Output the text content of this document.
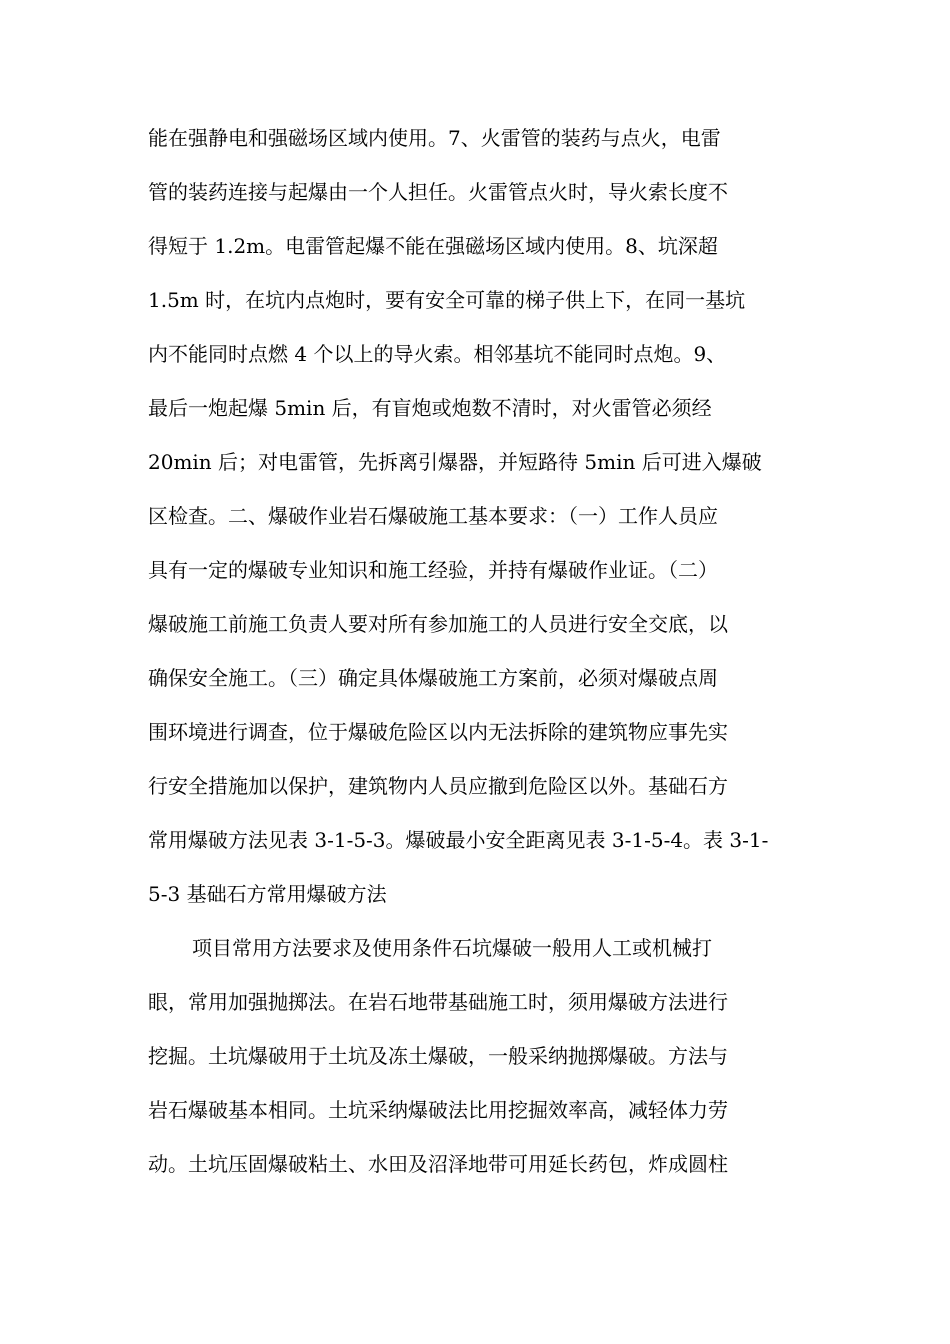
能在强静电和强磁场区域内使用。7、火雷管的装药与点火，电雷
管的装药连接与起爆由一个人担任。火雷管点火时，导火索长度不
得短于 1.2m。电雷管起爆不能在强磁场区域内使用。8、坑深超
1.5m 时，在坑内点炮时，要有安全可靠的梯子供上下，在同一基坑
内不能同时点燃 4 个以上的导火索。相邻基坑不能同时点炮。9、
最后一炮起爆 5min 后，有盲炮或炮数不清时，对火雷管必须经
20min 后；对电雷管，先拆离引爆器，并短路待 5min 后可进入爆破
区检查。二、爆破作业岩石爆破施工基本要求：（一）工作人员应
具有一定的爆破专业知识和施工经验，并持有爆破作业证。（二）
爆破施工前施工负责人要对所有参加施工的人员进行安全交底，以
确保安全施工。（三）确定具体爆破施工方案前，必须对爆破点周
围环境进行调查，位于爆破危险区以内无法拆除的建筑物应事先实
行安全措施加以保护，建筑物内人员应撤到危险区以外。基础石方
常用爆破方法见表 3-1-5-3。爆破最小安全距离见表 3-1-5-4。表 3-1-
5-3 基础石方常用爆破方法
项目常用方法要求及使用条件石坑爆破一般用人工或机械打
眼，常用加强抛掷法。在岩石地带基础施工时，须用爆破方法进行
挖掘。土坑爆破用于土坑及冻土爆破，一般采纳抛掷爆破。方法与
岩石爆破基本相同。土坑采纳爆破法比用挖掘效率高，减轻体力劳
动。土坑压固爆破粘土、水田及沼泽地带可用延长药包，炸成圆柱
